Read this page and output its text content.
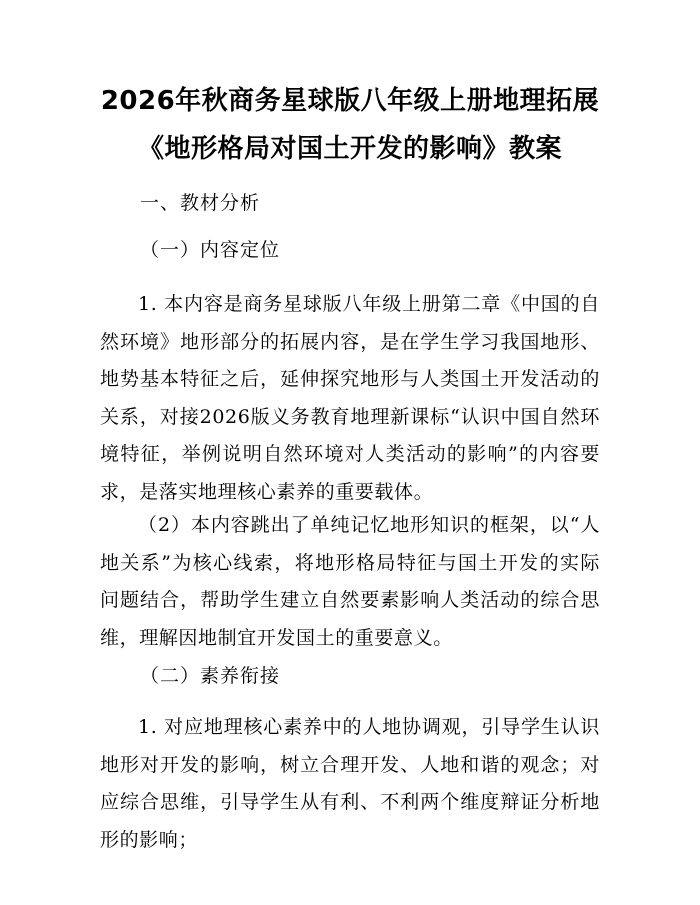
2026年秋商务星球版八年级上册地理拓展
《地形格局对国土开发的影响》教案
一、教材分析
（一）内容定位

1. 本内容是商务星球版八年级上册第二章《中国的自然环境》地形部分的拓展内容，是在学生学习我国地形、地势基本特征之后，延伸探究地形与人类国土开发活动的关系，对接2026版义务教育地理新课标“认识中国自然环境特征，举例说明自然环境对人类活动的影响”的内容要求，是落实地理核心素养的重要载体。

（2）本内容跳出了单纯记忆地形知识的框架，以“人地关系”为核心线索，将地形格局特征与国土开发的实际问题结合，帮助学生建立自然要素影响人类活动的综合思维，理解因地制宜开发国土的重要意义。

（二）素养衔接

1. 对应地理核心素养中的人地协调观，引导学生认识地形对开发的影响，树立合理开发、人地和谐的观念；对应综合思维，引导学生从有利、不利两个维度辩证分析地形的影响；
